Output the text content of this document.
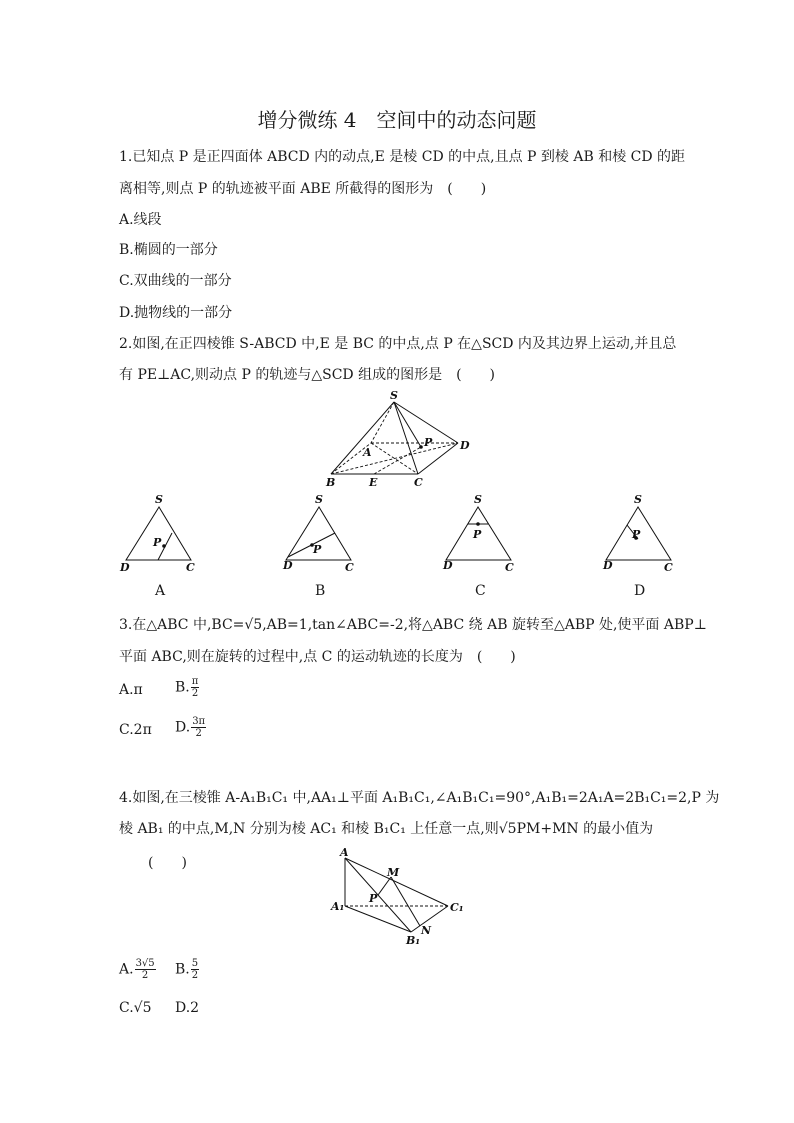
增分微练 4　空间中的动态问题
1.已知点 P 是正四面体 ABCD 内的动点,E 是棱 CD 的中点,且点 P 到棱 AB 和棱 CD 的距
离相等,则点 P 的轨迹被平面 ABE 所截得的图形为　(　　)
A.线段
B.椭圆的一部分
C.双曲线的一部分
D.抛物线的一部分
2.如图,在正四棱锥 S-ABCD 中,E 是 BC 的中点,点 P 在△SCD 内及其边界上运动,并且总
有 PE⊥AC,则动点 P 的轨迹与△SCD 组成的图形是　(　　)
S
A
P	D
B	E	C
S
P
D	C
S
P
D	C
S
P
D	C
S
P
D	C
A	B	C	D
3.在△ABC 中,BC=√5,AB=1,tan∠ABC=-2,将△ABC 绕 AB 旋转至△ABP 处,使平面 ABP⊥
平面 ABC,则在旋转的过程中,点 C 的运动轨迹的长度为　(　　)
A.π B. $\frac{\pi}{2}$
C.2π D. $\frac{3\pi}{2}$
4.如图,在三棱锥 A-A₁B₁C₁ 中,AA₁⊥平面 A₁B₁C₁,∠A₁B₁C₁=90°,A₁B₁=2A₁A=2B₁C₁=2,P 为
棱 AB₁ 的中点,M,N 分别为棱 AC₁ 和棱 B₁C₁ 上任意一点,则√5PM+MN 的最小值为
(　　)
A
A₁
P
M
C₁
B₁
N
A. $\frac{3√5}{2} B$. $\frac{5}{2}$
C.√5 D.2
